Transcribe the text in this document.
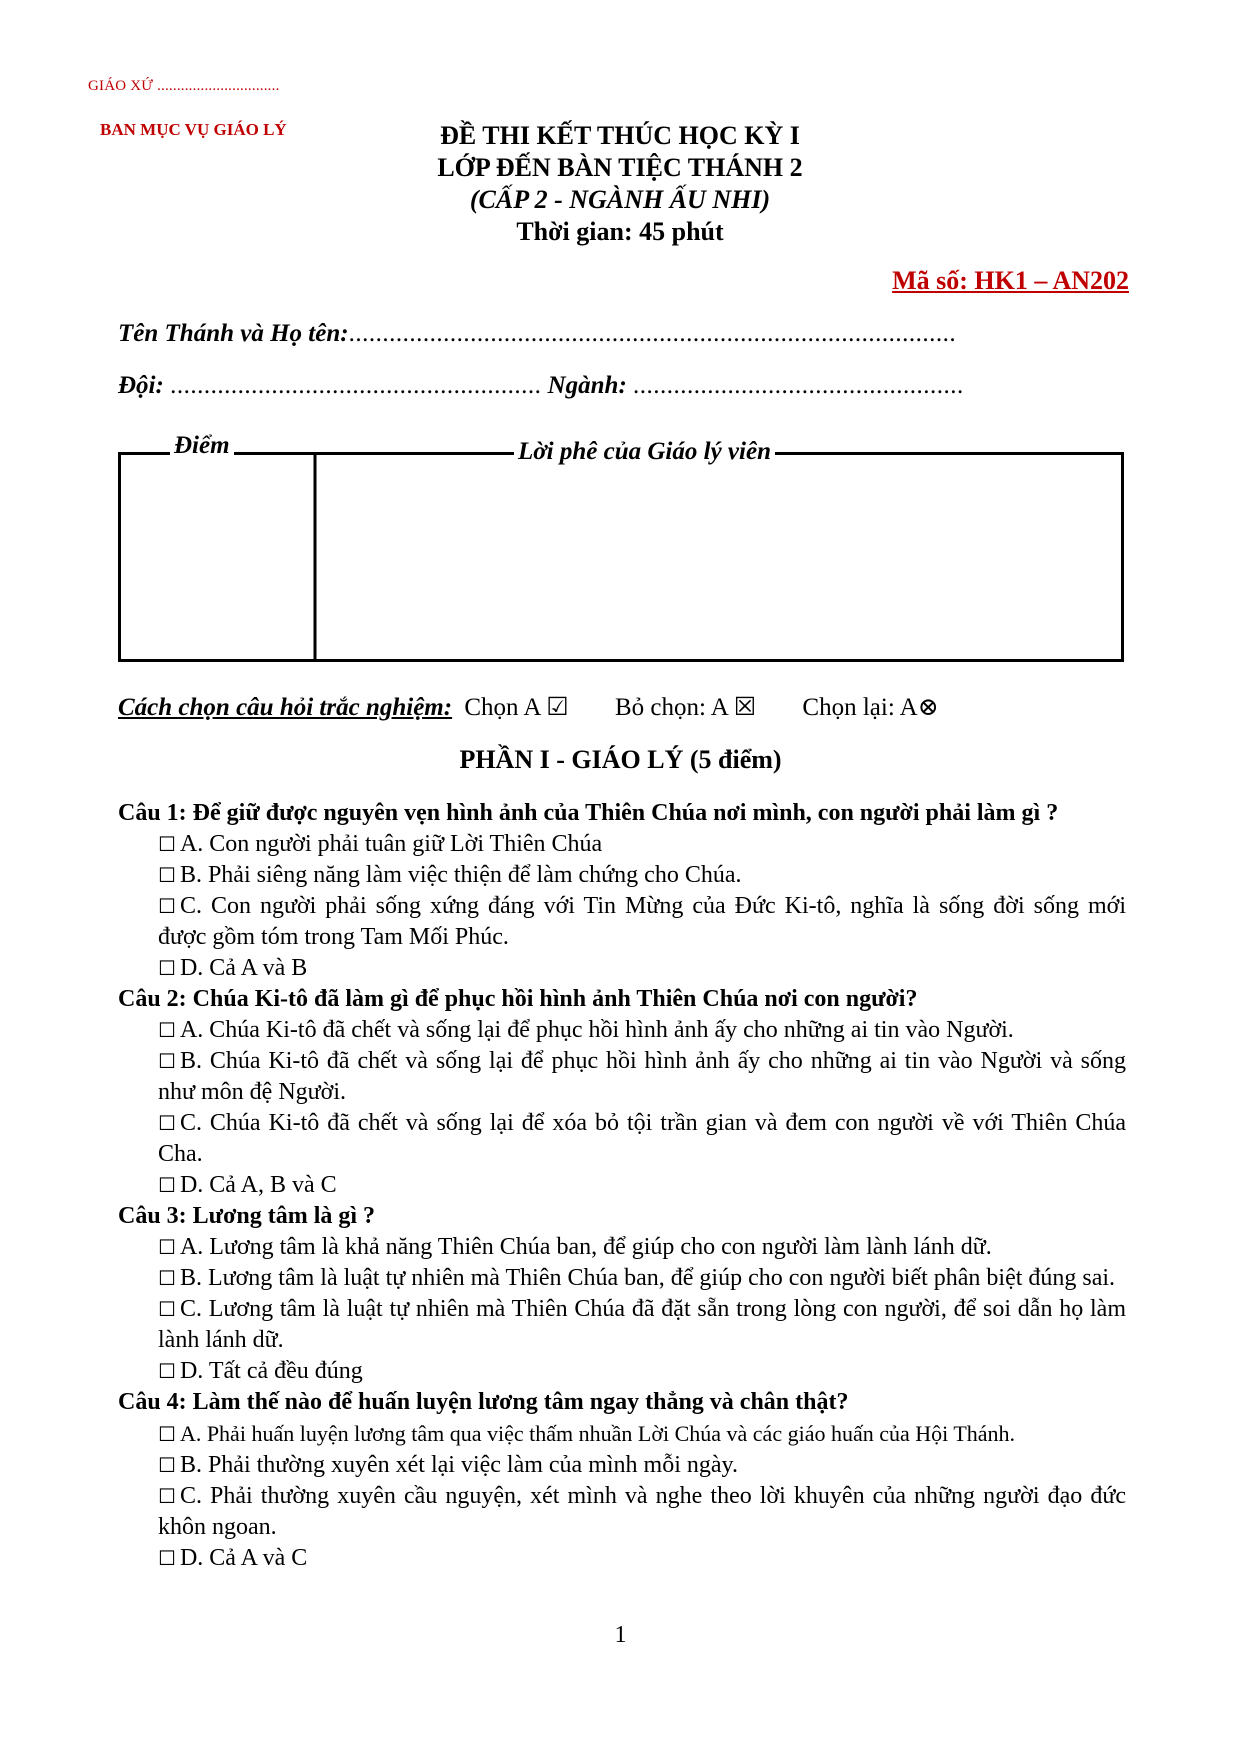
GIÁO XỨ ...............................
BAN MỤC VỤ GIÁO LÝ	ĐỀ THI KẾT THÚC HỌC KỲ I
LỚP ĐẾN BÀN TIỆC THÁNH 2
(CẤP 2 - NGÀNH ẤU NHI)
Thời gian: 45 phút
Mã số: HK1 – AN202
Tên Thánh và Họ tên:..........................................................................................
Đội: ....................................................... Ngành: .................................................
Điểm	Lời phê của Giáo lý viên
Cách chọn câu hỏi trắc nghiệm: Chọn A ☑ Bỏ chọn: A ☒ Chọn lại: A⊗
PHẦN I - GIÁO LÝ (5 điểm)
Câu 1: Để giữ được nguyên vẹn hình ảnh của Thiên Chúa nơi mình, con người phải làm gì ?
☐ A. Con người phải tuân giữ Lời Thiên Chúa
☐ B. Phải siêng năng làm việc thiện để làm chứng cho Chúa.
☐ C. Con người phải sống xứng đáng với Tin Mừng của Đức Ki-tô, nghĩa là sống đời sống mới được gồm tóm trong Tam Mối Phúc.
☐ D. Cả A và B
Câu 2: Chúa Ki-tô đã làm gì để phục hồi hình ảnh Thiên Chúa nơi con người?
☐ A. Chúa Ki-tô đã chết và sống lại để phục hồi hình ảnh ấy cho những ai tin vào Người.
☐ B. Chúa Ki-tô đã chết và sống lại để phục hồi hình ảnh ấy cho những ai tin vào Người và sống như môn đệ Người.
☐ C. Chúa Ki-tô đã chết và sống lại để xóa bỏ tội trần gian và đem con người về với Thiên Chúa Cha.
☐ D. Cả A, B và C
Câu 3: Lương tâm là gì ?
☐ A. Lương tâm là khả năng Thiên Chúa ban, để giúp cho con người làm lành lánh dữ.
☐ B. Lương tâm là luật tự nhiên mà Thiên Chúa ban, để giúp cho con người biết phân biệt đúng sai.
☐ C. Lương tâm là luật tự nhiên mà Thiên Chúa đã đặt sẵn trong lòng con người, để soi dẫn họ làm lành lánh dữ.
☐ D. Tất cả đều đúng
Câu 4: Làm thế nào để huấn luyện lương tâm ngay thẳng và chân thật?
☐ A. Phải huấn luyện lương tâm qua việc thấm nhuần Lời Chúa và các giáo huấn của Hội Thánh.
☐ B. Phải thường xuyên xét lại việc làm của mình mỗi ngày.
☐ C. Phải thường xuyên cầu nguyện, xét mình và nghe theo lời khuyên của những người đạo đức khôn ngoan.
☐ D. Cả A và C
1
